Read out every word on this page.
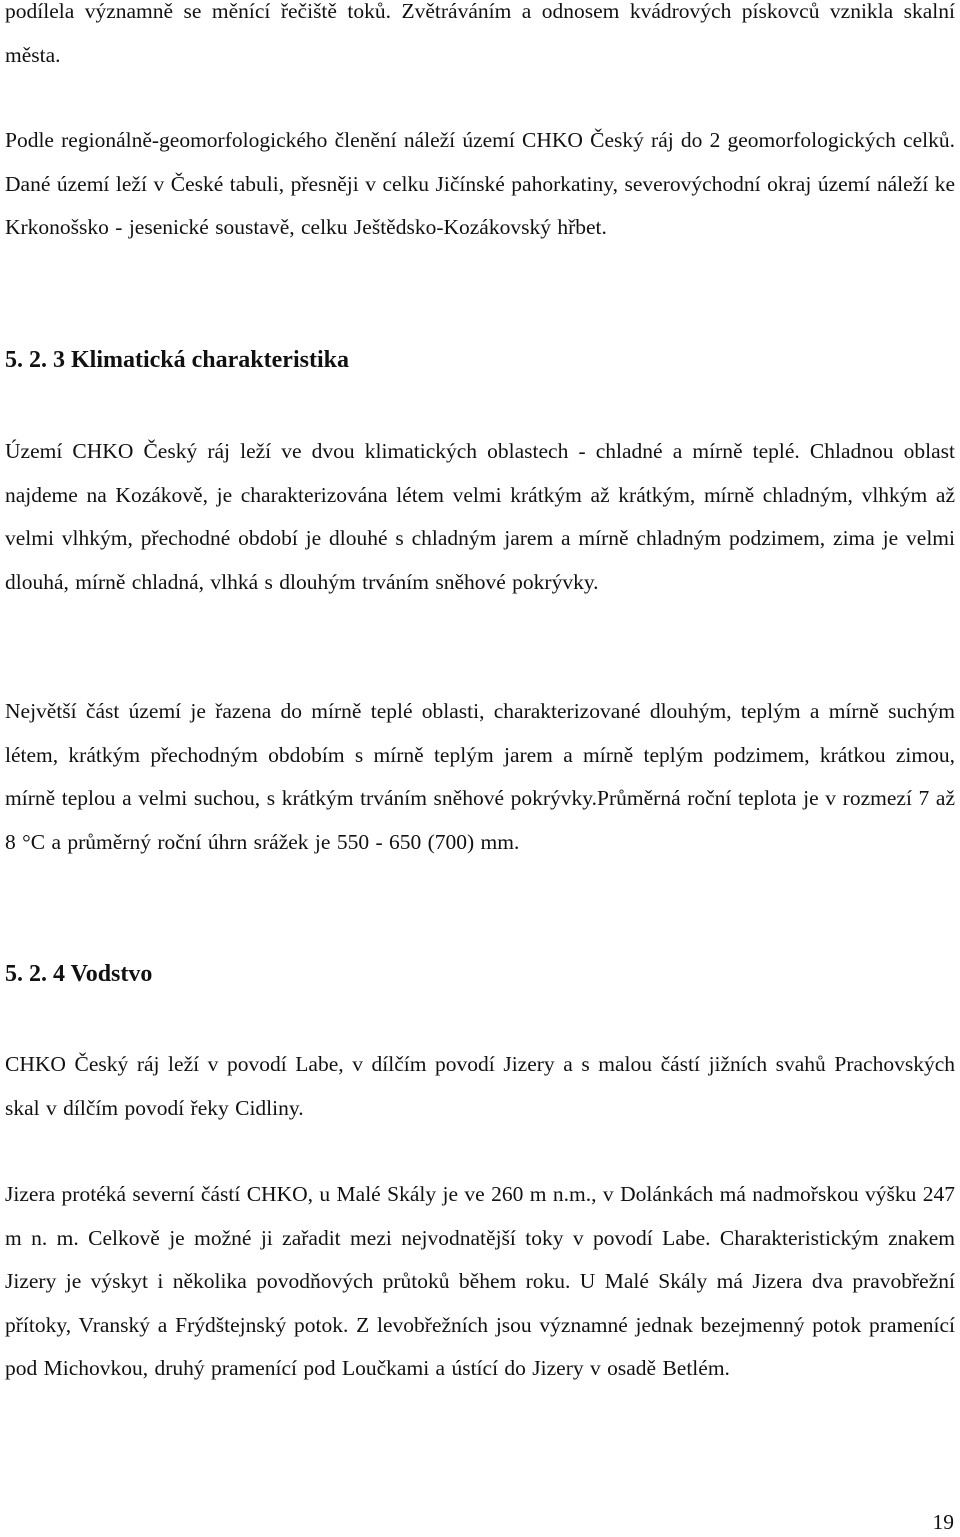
podílela významně se měnící řečiště toků. Zvětráváním a odnosem kvádrových pískovců vznikla skalní města.

Podle regionálně-geomorfologického členění náleží území CHKO Český ráj do 2 geomorfologických celků. Dané území leží v České tabuli, přesněji v celku Jičínské pahorkatiny, severovýchodní okraj území náleží ke Krkonošsko - jesenické soustavě, celku Ještědsko-Kozákovský hřbet.

5. 2. 3 Klimatická charakteristika

Území CHKO Český ráj leží ve dvou klimatických oblastech - chladné a mírně teplé. Chladnou oblast najdeme na Kozákově, je charakterizována létem velmi krátkým až krátkým, mírně chladným, vlhkým až velmi vlhkým, přechodné období je dlouhé s chladným jarem a mírně chladným podzimem, zima je velmi dlouhá, mírně chladná, vlhká s dlouhým trváním sněhové pokrývky.

Největší část území je řazena do mírně teplé oblasti, charakterizované dlouhým, teplým a mírně suchým létem, krátkým přechodným obdobím s mírně teplým jarem a mírně teplým podzimem, krátkou zimou, mírně teplou a velmi suchou, s krátkým trváním sněhové pokrývky.Průměrná roční teplota je v rozmezí 7 až 8 °C a průměrný roční úhrn srážek je 550 - 650 (700) mm.

5. 2. 4 Vodstvo

CHKO Český ráj leží v povodí Labe, v dílčím povodí Jizery a s malou částí jižních svahů Prachovských skal v dílčím povodí řeky Cidliny.

Jizera protéká severní částí CHKO, u Malé Skály je ve 260 m n.m., v Dolánkách má nadmořskou výšku 247 m n. m. Celkově je možné ji zařadit mezi nejvodnatější toky v povodí Labe. Charakteristickým znakem Jizery je výskyt i několika povodňových průtoků během roku. U Malé Skály má Jizera dva pravobřežní přítoky, Vranský a Frýdštejnský potok. Z levobřežních jsou významné jednak bezejmenný potok pramenící pod Michovkou, druhý pramenící pod Loučkami a ústící do Jizery v osadě Betlém.

19
